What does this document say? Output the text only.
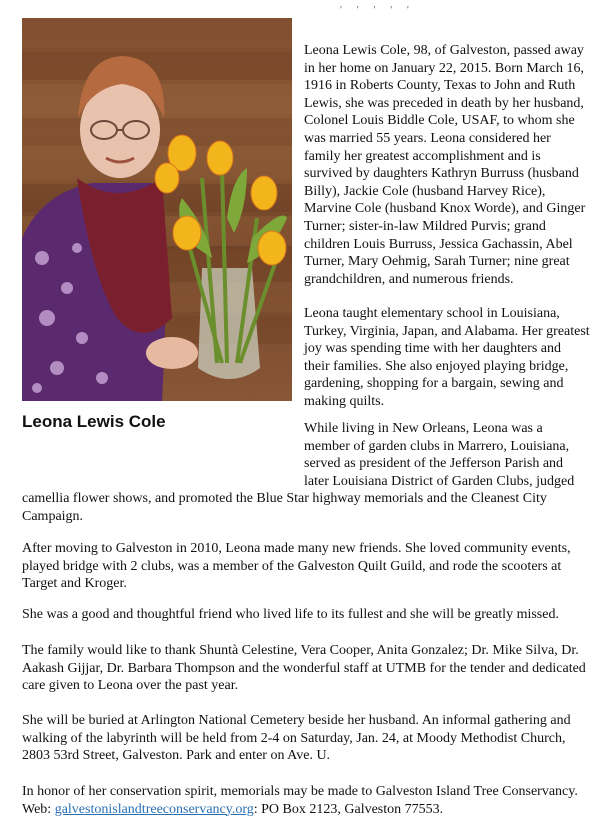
' ' ' ' '

Leona Lewis Cole

Leona Lewis Cole, 98, of Galveston, passed away in her home on January 22, 2015. Born March 16, 1916 in Roberts County, Texas to John and Ruth Lewis, she was preceded in death by her husband, Colonel Louis Biddle Cole, USAF, to whom she was married 55 years. Leona considered her family her greatest accomplishment and is survived by daughters Kathryn Burruss (husband Billy), Jackie Cole (husband Harvey Rice), Marvine Cole (husband Knox Worde), and Ginger Turner; sister-in-law Mildred Purvis; grand children Louis Burruss, Jessica Gachassin, Abel Turner, Mary Oehmig, Sarah Turner; nine great grandchildren, and numerous friends.

Leona taught elementary school in Louisiana, Turkey, Virginia, Japan, and Alabama. Her greatest joy was spending time with her daughters and their families. She also enjoyed playing bridge, gardening, shopping for a bargain, sewing and making quilts.

While living in New Orleans, Leona was a member of garden clubs in Marrero, Louisiana, served as president of the Jefferson Parish and later Louisiana District of Garden Clubs, judged

camellia flower shows, and promoted the Blue Star highway memorials and the Cleanest City Campaign.

After moving to Galveston in 2010, Leona made many new friends. She loved community events, played bridge with 2 clubs, was a member of the Galveston Quilt Guild, and rode the scooters at Target and Kroger.

She was a good and thoughtful friend who lived life to its fullest and she will be greatly missed.

The family would like to thank Shuntà Celestine, Vera Cooper, Anita Gonzalez; Dr. Mike Silva, Dr. Aakash Gijjar, Dr. Barbara Thompson and the wonderful staff at UTMB for the tender and dedicated care given to Leona over the past year.

She will be buried at Arlington National Cemetery beside her husband. An informal gathering and walking of the labyrinth will be held from 2-4 on Saturday, Jan. 24, at Moody Methodist Church, 2803 53rd Street, Galveston. Park and enter on Ave. U.

In honor of her conservation spirit, memorials may be made to Galveston Island Tree Conservancy. Web: galvestonislandtreeconservancy.org: PO Box 2123, Galveston 77553.
